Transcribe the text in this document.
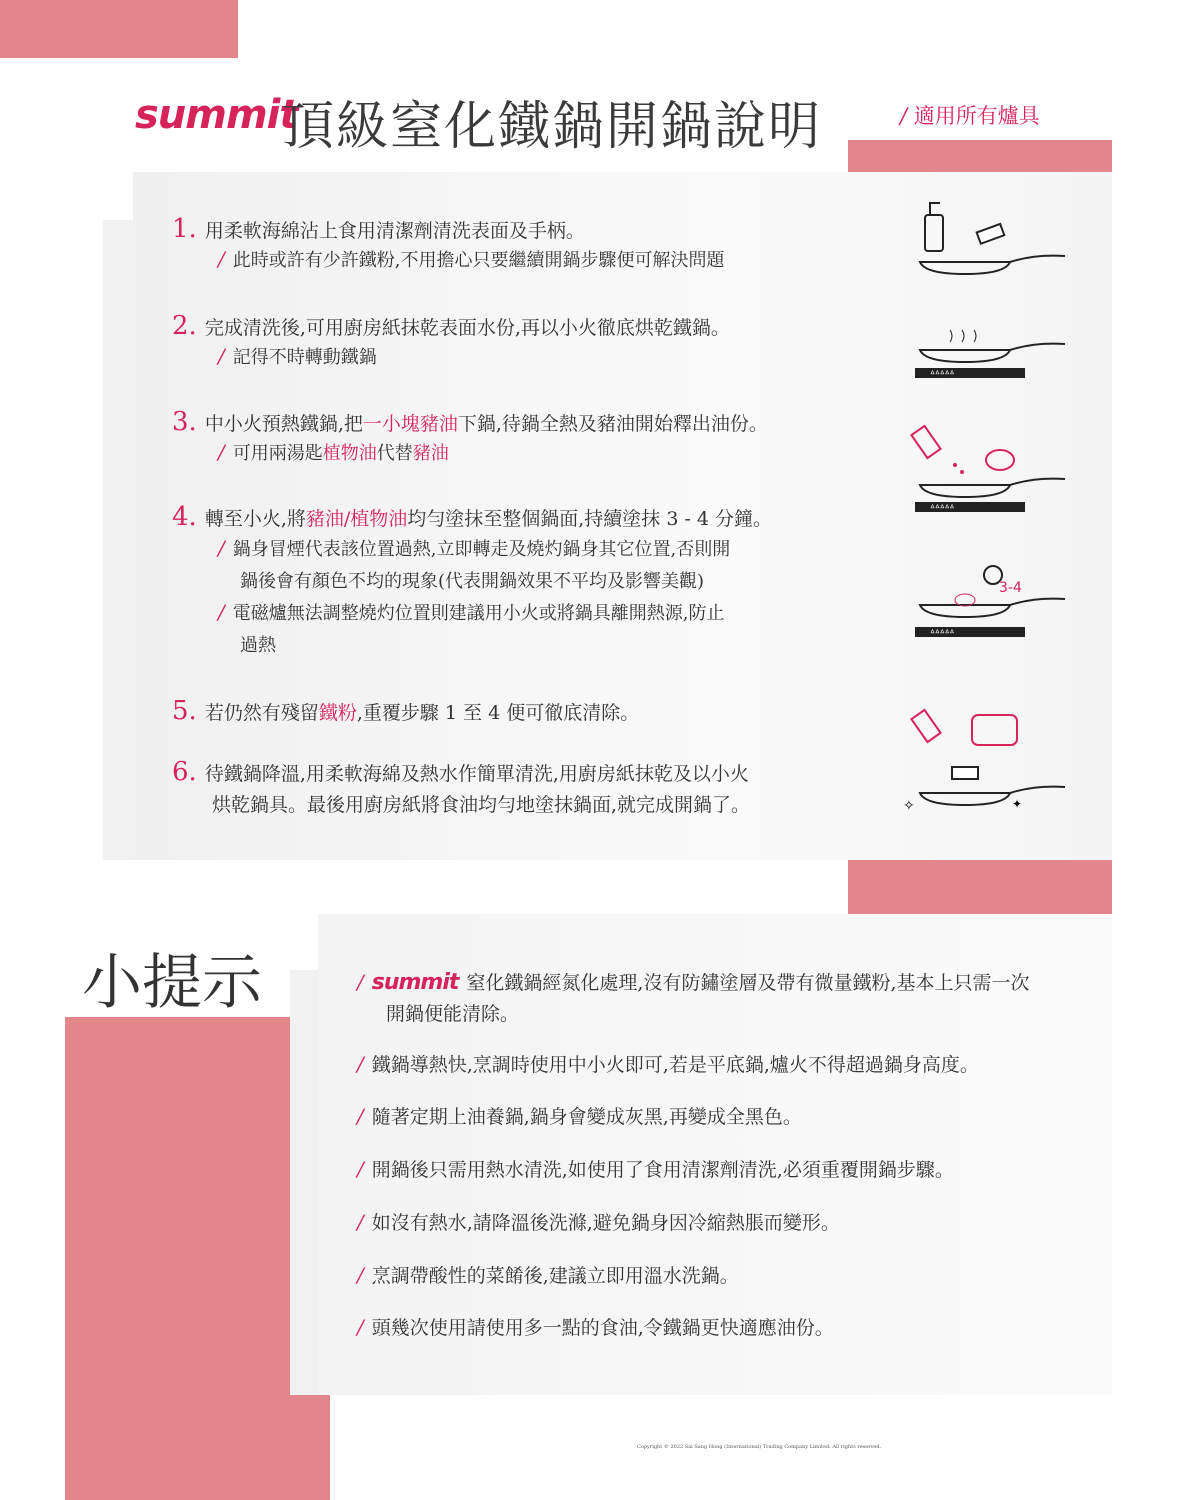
summit
頂級窒化鐵鍋開鍋說明	/ 適用所有爐具
ᐞᐞᐞᐞᐞ
ᐞᐞᐞᐞᐞ
ᐞᐞᐞᐞᐞ
3-4
✧	✦
小提示
Copyright © 2022 Sai Sang Hong (International) Trading Company Limited. All rights reserved.
1. 用柔軟海綿沾上食用清潔劑清洗表面及手柄。
/ 此時或許有少許鐵粉,不用擔心只要繼續開鍋步驟便可解決問題
2. 完成清洗後,可用廚房紙抹乾表面水份,再以小火徹底烘乾鐵鍋。
/ 記得不時轉動鐵鍋
3. 中小火預熱鐵鍋,把一小塊豬油下鍋,待鍋全熱及豬油開始釋出油份。
/ 可用兩湯匙植物油代替豬油
4. 轉至小火,將豬油/植物油均勻塗抹至整個鍋面,持續塗抹 3 - 4 分鐘。
/ 鍋身冒煙代表該位置過熱,立即轉走及燒灼鍋身其它位置,否則開
鍋後會有顏色不均的現象(代表開鍋效果不平均及影響美觀)
/ 電磁爐無法調整燒灼位置則建議用小火或將鍋具離開熱源,防止
過熱
5. 若仍然有殘留鐵粉,重覆步驟 1 至 4 便可徹底清除。
6. 待鐵鍋降溫,用柔軟海綿及熱水作簡單清洗,用廚房紙抹乾及以小火
烘乾鍋具。最後用廚房紙將食油均勻地塗抹鍋面,就完成開鍋了。
/ summit 窒化鐵鍋經氮化處理,沒有防鏽塗層及帶有微量鐵粉,基本上只需一次
開鍋便能清除。
/ 鐵鍋導熱快,烹調時使用中小火即可,若是平底鍋,爐火不得超過鍋身高度。
/ 隨著定期上油養鍋,鍋身會變成灰黑,再變成全黑色。
/ 開鍋後只需用熱水清洗,如使用了食用清潔劑清洗,必須重覆開鍋步驟。
/ 如沒有熱水,請降溫後洗滌,避免鍋身因冷縮熱脹而變形。
/ 烹調帶酸性的菜餚後,建議立即用溫水洗鍋。
/ 頭幾次使用請使用多一點的食油,令鐵鍋更快適應油份。
